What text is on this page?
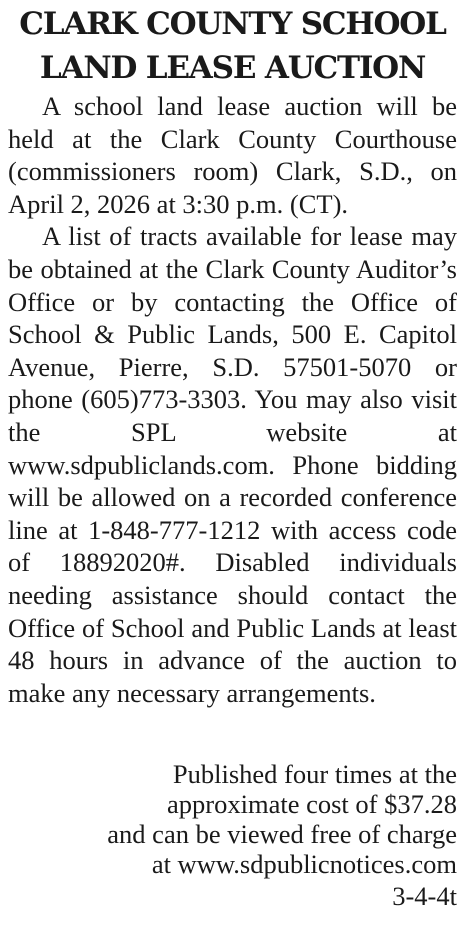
CLARK COUNTY SCHOOL
LAND LEASE AUCTION

A school land lease auction will be held at the Clark County Courthouse (commissioners room) Clark, S.D., on April 2, 2026 at 3:30 p.m. (CT).

A list of tracts available for lease may be obtained at the Clark County Auditor’s Office or by contacting the Office of School & Public Lands, 500 E. Capitol Avenue, Pierre, S.D. 57501-5070 or phone (605)773-3303. You may also visit the SPL website at www.sdpubliclands.com. Phone bidding will be allowed on a recorded conference line at 1-848-777-1212 with access code of 18892020#. Disabled individuals needing assistance should contact the Office of School and Public Lands at least 48 hours in advance of the auction to make any necessary arrangements.

Published four times at the
approximate cost of $37.28
and can be viewed free of charge
at www.sdpublicnotices.com
3-4-4t
